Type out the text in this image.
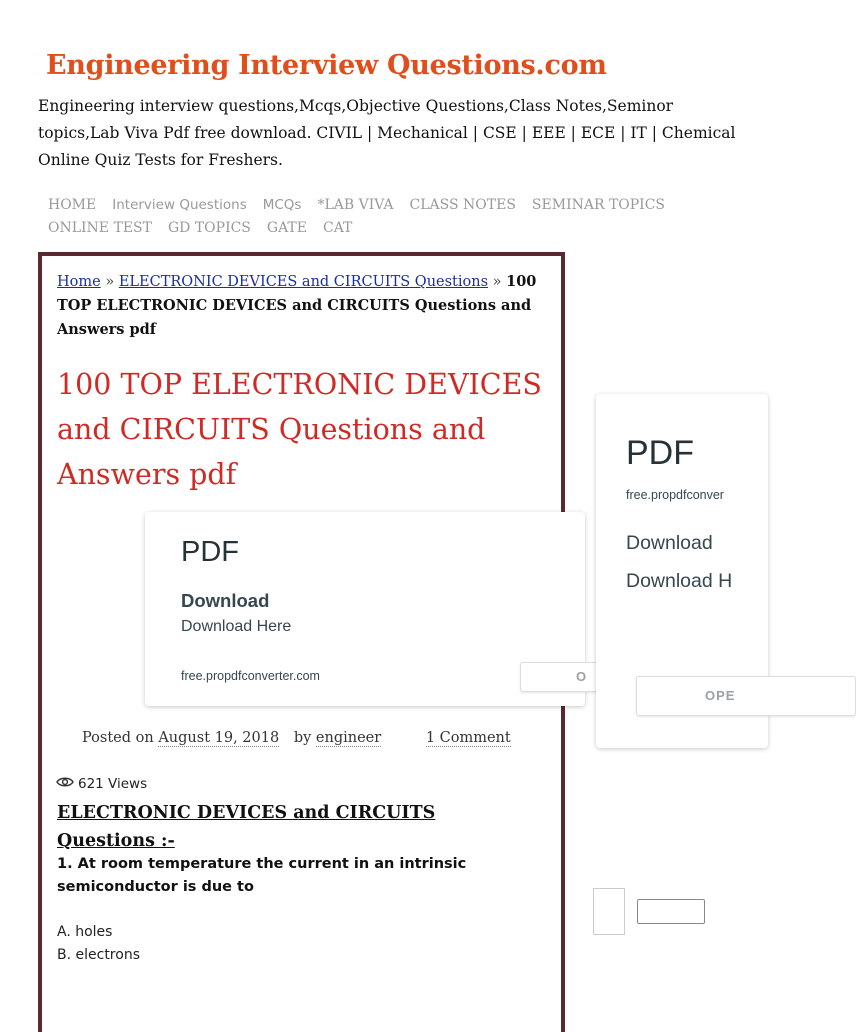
Engineering Interview Questions.com

Engineering interview questions,Mcqs,Objective Questions,Class Notes,Seminor topics,Lab Viva Pdf free download. CIVIL | Mechanical | CSE | EEE | ECE | IT | Chemical Online Quiz Tests for Freshers.

HOME Interview Questions MCQs *LAB VIVA CLASS NOTES SEMINAR TOPICS
ONLINE TEST GD TOPICS GATE CAT
Home » ELECTRONIC DEVICES and CIRCUITS Questions » 100 TOP ELECTRONIC DEVICES and CIRCUITS Questions and Answers pdf
100 TOP ELECTRONIC DEVICES and CIRCUITS Questions and Answers pdf
PDF
Download
Download Here
free.propdfconverter.com	O
PDF
free.propdfconver
Download
Download H
OPE
Posted on August 19, 2018 by engineer	1 Comment
621 Views
ELECTRONIC DEVICES and CIRCUITS Questions :-

1. At room temperature the current in an intrinsic semiconductor is due to

A. holes
B. electrons
